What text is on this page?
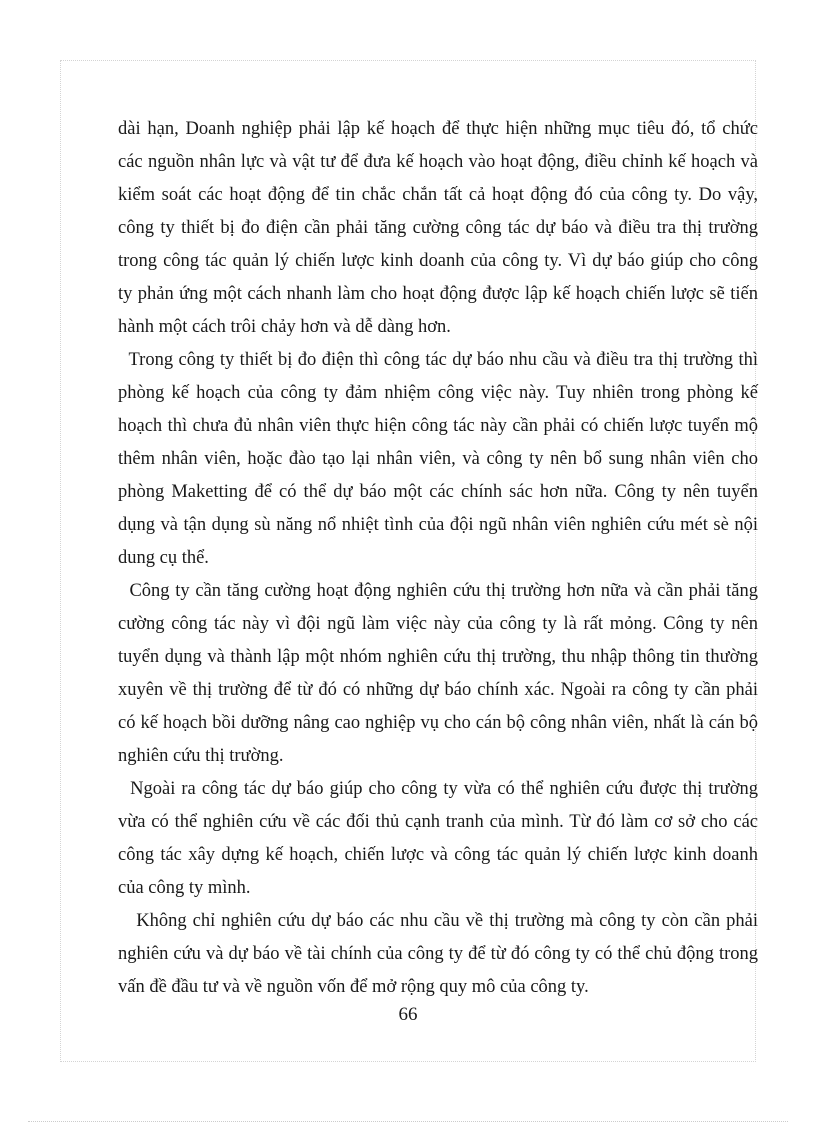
dài hạn, Doanh nghiệp phải lập kế hoạch để thực hiện những mục tiêu đó, tổ chức
các nguồn nhân lực và vật tư để đưa kế hoạch vào hoạt động, điều chỉnh kế hoạch và
kiểm soát các hoạt động để tin chắc chắn tất cả hoạt động đó của công ty. Do vậy,
công ty thiết bị đo điện cần phải tăng cường công tác dự báo và điều tra thị trường
trong công tác quản lý chiến lược kinh doanh của công ty. Vì dự báo giúp cho công
ty phản ứng một cách nhanh làm cho hoạt động được lập kế hoạch chiến lược sẽ tiến
hành một cách trôi chảy hơn và dễ dàng hơn.
Trong công ty thiết bị đo điện thì công tác dự báo nhu cầu và điều tra thị trường thì
phòng kế hoạch của công ty đảm nhiệm công việc này. Tuy nhiên trong phòng kế
hoạch thì chưa đủ nhân viên thực hiện công tác này cần phải có chiến lược tuyển mộ
thêm nhân viên, hoặc đào tạo lại nhân viên, và công ty nên bổ sung nhân viên cho
phòng Maketting để có thể dự báo một các chính sác hơn nữa. Công ty nên tuyển
dụng và tận dụng sù năng nổ nhiệt tình của đội ngũ nhân viên nghiên cứu mét sè nội
dung cụ thể.
Công ty cần tăng cường hoạt động nghiên cứu thị trường hơn nữa và cần phải tăng
cường công tác này vì đội ngũ làm việc này của công ty là rất mỏng. Công ty nên
tuyển dụng và thành lập một nhóm nghiên cứu thị trường, thu nhập thông tin thường
xuyên về thị trường để từ đó có những dự báo chính xác. Ngoài ra công ty cần phải
có kế hoạch bồi dưỡng nâng cao nghiệp vụ cho cán bộ công nhân viên, nhất là cán bộ
nghiên cứu thị trường.
Ngoài ra công tác dự báo giúp cho công ty vừa có thể nghiên cứu được thị trường
vừa có thể nghiên cứu về các đối thủ cạnh tranh của mình. Từ đó làm cơ sở cho các
công tác xây dựng kế hoạch, chiến lược và công tác quản lý chiến lược kinh doanh
của công ty mình.
Không chỉ nghiên cứu dự báo các nhu cầu về thị trường mà công ty còn cần phải
nghiên cứu và dự báo về tài chính của công ty để từ đó công ty có thể chủ động trong
vấn đề đầu tư và về nguồn vốn để mở rộng quy mô của công ty.
66
